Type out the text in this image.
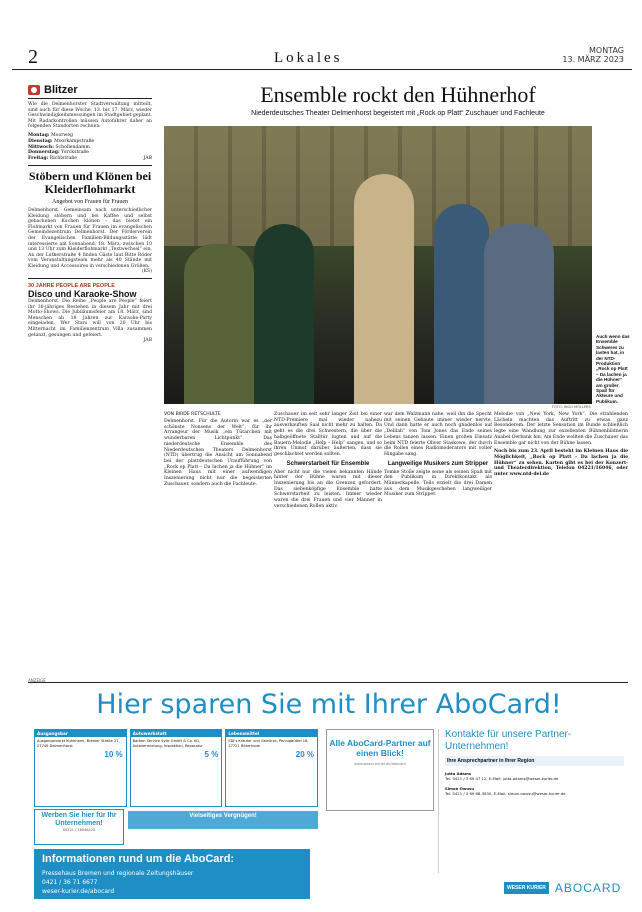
2	Lokales	MONTAG
13. MÄRZ 2023
Blitzer

Wie die Delmenhorster Stadtverwaltung mitteilt, sind auch für diese Woche, 13. bis 17. März, wieder Geschwindigkeitsmessungen im Stadtgebiet geplant. Mit Radarkontrollen müssen Autofahrer daher an folgenden Standorten rechnen:

Montag: Moorweg
Dienstag: Moorkampstraße
Mittwoch: Schollendamm
Donnerstag: Yorckstraße
Freitag: Richtstraße	JAB
Stöbern und Klönen bei Kleiderflohmarkt
Angebot von Frauen für Frauen

Delmenhorst. Gemeinsam nach unterschiedlicher Kleidung stöbern und bei Kaffee und selbst gebackenen Kuchen klönen – das bietet ein Flohmarkt von Frauen für Frauen im evangelischen Gemeindezentrum Delmenhorst. Der Förderverein der Evangelischen Familien-Bildungsstätte lädt interessierte am Sonnabend, 18. März, zwischen 10 und 13 Uhr zum Kleiderflohmarkt „Textwechsel“ ein. An der Lutherstraße 4 finden Gäste laut Bitte Röder vom Veranstaltungsteam mehr als 40 Stände mit Kleidung und Accessoires in verschiedenen Größen.

(KS)
30 JAHRE PEOPLE ARE PEOPLE
Disco und Karaoke-Show

Delmenhorst. Die Reihe „People are People“ feiert ihr 30-jähriges Bestehen in diesem Jahr mit drei Motto-Shows. Die Jubiläumsfeier am 18. März, sind Menschen ab 18 Jahren zur Karaoke-Party eingeladen. Wer Stars will von 20 Uhr bis Mitternacht im Familienzentrum Villa zusammen getanzt, gesungen und gefeiert.

JAB
Ensemble rockt den Hühnerhof
Niederdeutsches Theater Delmenhorst begeistert mit „Rock op Platt“ Zuschauer und Fachleute
Auch wenn das Ensemble Schweres zu lasten hat, in der NTD-Produktion „Rock op Platt – Da lachen ja die Hühner“ am großer Spaß für Akteure und Publikum.
FOTO: INGO MÖLLERS
VON BIRDE RETSCHULTE

Delmenhorst. Für die Autorin war es „der schönste Nonsens der Welt“, für ihr Arrangeur der Musik „ein Tütarchen mit wunderbaren Lichtpunkt“. Das niederdeutsche Ensemble des Niederdeutschen Theaters Delmenhorst (NTD) übertrug die Ansicht am Sonnabend bei der plattdeutschen Uraufführung von „Rock op Platt – Da lachen ja die Hühner“ im Kleinen Haus mit einer aufwendigen Inszenierung nicht nur die begeisterten Zuschauer, sondern auch die Fachleute.

Zuschauer im seit sehr langer Zeit bei einer NTD-Premiere mal wieder nahezu ausverkauften Saal nicht mehr zu halten. Da geht es die drei Schwestern, die über die halbgeöffnete Stalltür lugten und auf die Bauern-Melodie „Help – Help“ sangen, und so ihren Unmut darüber äußerten, dass sie geschlachtet werden sollten.

Schwerstarbeit für Ensemble

Aber nicht nur die vielen bekannten Hände hinter der Bühne waren mit dieser Inszenierung bis an die Grenzen gefordert. Das siebenköpfige Ensemble hatte Schwerstarbeit zu leisten. Immer wieder waren die drei Frauen und vier Männer in verschiedenen Rollen aktiv.

war dem Walzmann nahe, weil ihn die Specht mit seinen Gebaute immer wieder nervte. Und dann hatte er auch noch gnadenlos auf „Delilah“ von Tom Jones das Ende seines Lebens tanzen lassen. Einen großen Einsatz beim NTD feierte Oliver Staskowe, der durch die Rollen eines Radiomoderators mit voller Hingabe sang.

Langweilige Musikers zum Stripper

Tomke Stolle zeigte seine als seinen Spaß mit den Publikum in Direktkontakt als Männerkapelle. Teils erzielt die drei Damen aus dem Musikgeschehen langweiliger Musiker zum Stripper.

Melodie von „New York, New York“. Die strahlenden Lächeln machten das Auftritt zu etwas ganz Besonderem. Der letzte Sensation im Bunde schließlich legte eine Wandlung zur exzellenten Bühnenbildnerin Anabel Oerbank hin. Am Ende wollten die Zuschauer das Ensemble gar nicht von der Bühne lassen.

Noch bis zum 23. April besteht im Kleinen Haus die Möglichkeit, „Rock op Platt – Da lachen ja die Hühner“ zu sehen. Karten gibt es bei der Konzert- und Theaterdirektion, Telefon 04221/16046, oder unter www.ntd-del.de

ANZEIGE
Hier sparen Sie mit Ihrer AboCard!
Ausgangsbar
Ausgangsmarkt Kuhlmann, Bremer Straße 21, 27749 Delmenhorst
10 %
Autowerkstatt
Bathen Service Syke GmbH & Co. KG, Autovermietung, Inspektion, Reparatur
5 %
Lebensmittel
EDi's Kräuter und Gewürze, Pennigbüttel 18, 27721 Ritterhude
20 %
Werben Sie hier für Ihr Unternehmen!
04221 / 16046420
Vielseitiges Vergnügen!
Informationen rund um die AboCard:
Pressehaus Bremen und regionale Zeitungshäuser
0421 / 36 71 6677
weser-kurier.de/abocard
Alle AboCard-Partner auf einen Blick!
www.weser-kurier.de/abocard
Kontakte für unsere Partner-Unternehmen!
Ihre Ansprechpartner in Ihrer Region
Jutta Adams
Tel. 0421 / 3 69 47 12, E-Mail: jutta.adams@weser-kurier.de
Simon Owusu
Tel. 0421 / 3 69 68-3830, E-Mail: simon.owusu@weser-kurier.de
WESER KURIER ABOCARD
